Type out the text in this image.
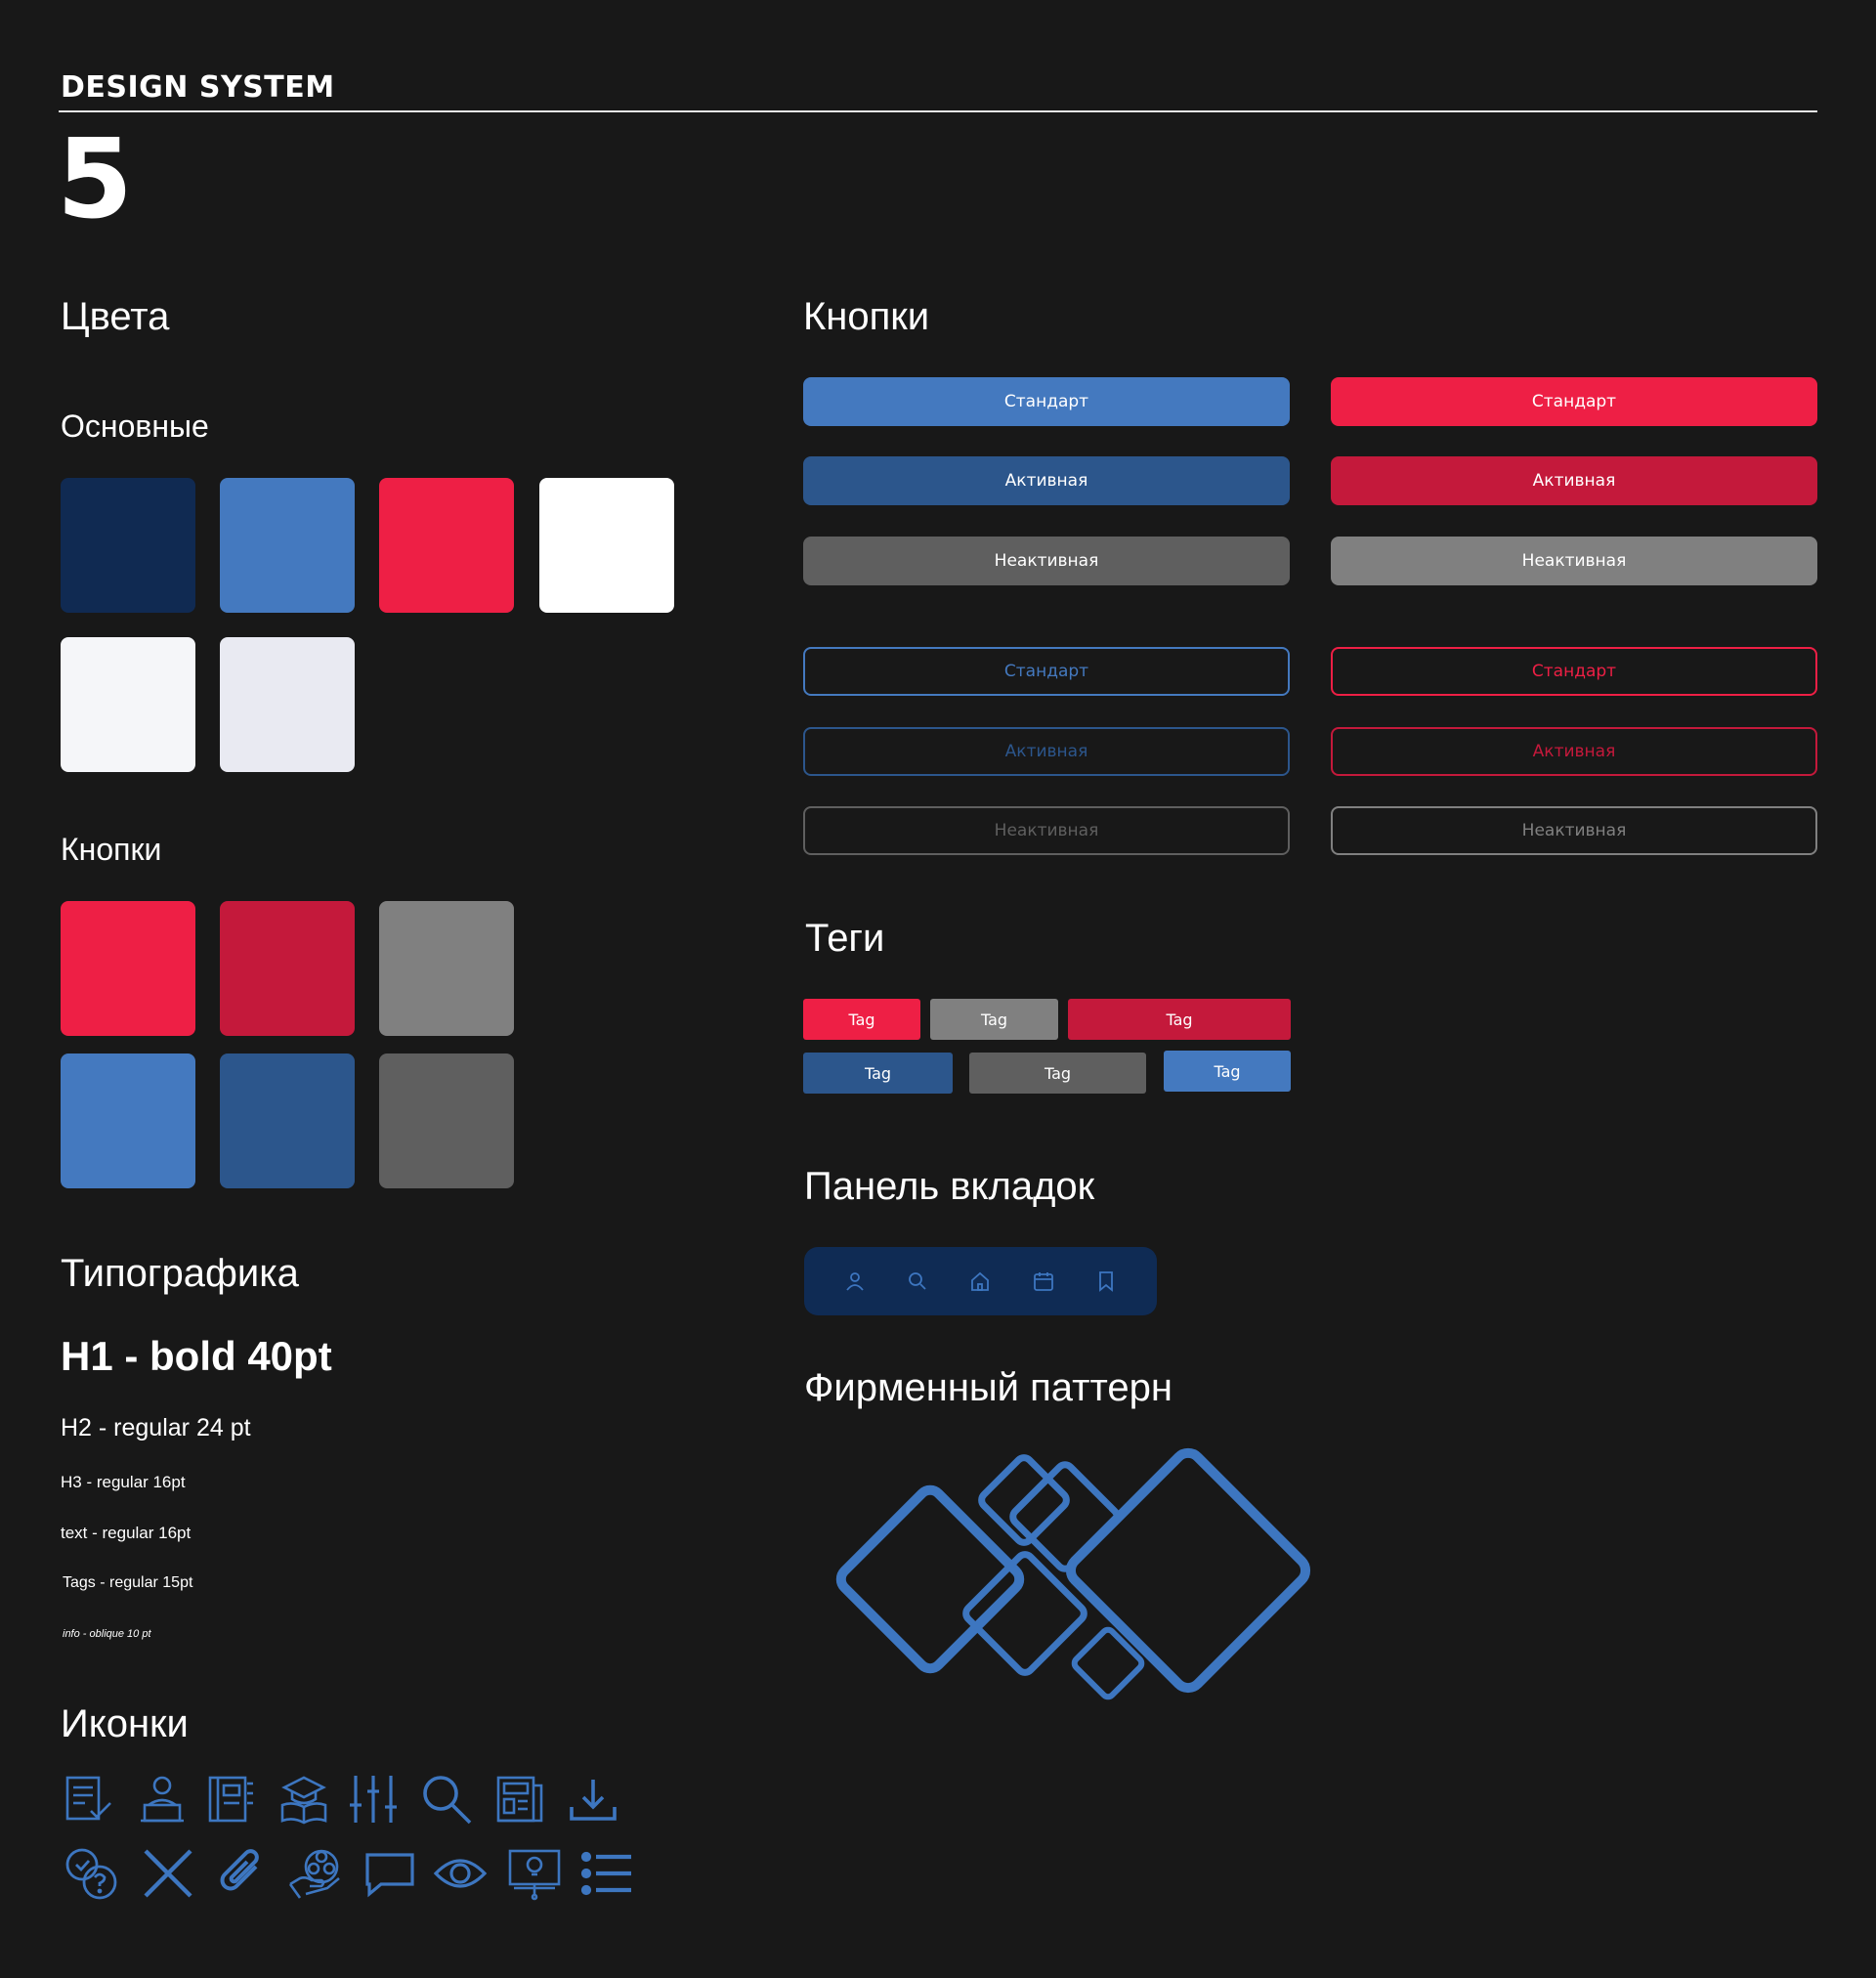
DESIGN SYSTEM
5
Цвета
Основные
Кнопки
Типографика
H1 - bold 40pt
H2 - regular 24 pt
H3 - regular 16pt
text - regular 16pt
Tags - regular 15pt
info - oblique 10 pt
Иконки
Кнопки
Стандарт
Активная
Неактивная
Стандарт
Активная
Неактивная
Стандарт
Активная
Неактивная
Стандарт
Активная
Неактивная
Теги
Tag	Tag	Tag
Tag	Tag	Tag
Панель вкладок
Фирменный паттерн
